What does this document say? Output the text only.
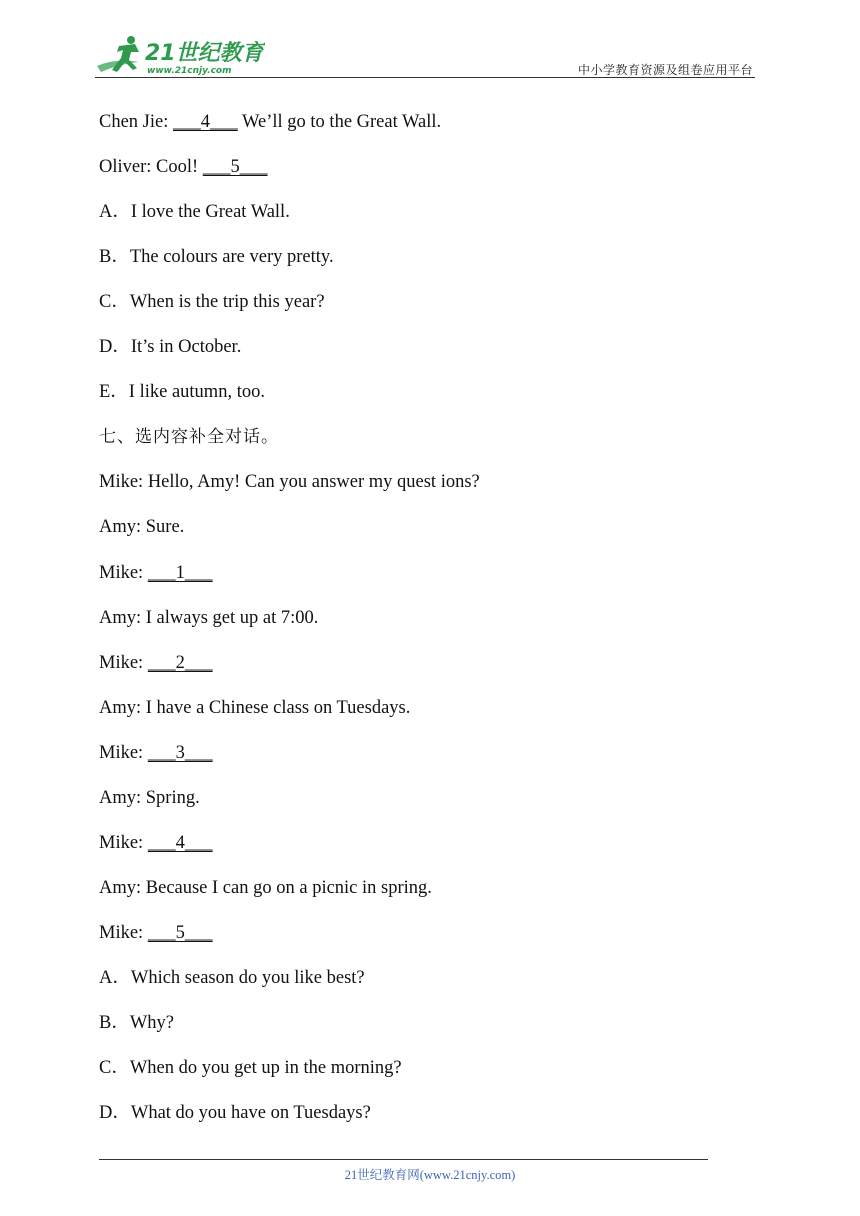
21世纪教育
www.21cnjy.com	中小学教育资源及组卷应用平台
Chen Jie: ___4___ We’ll go to the Great Wall.
Oliver: Cool! ___5___
A．I love the Great Wall.
B．The colours are very pretty.
C．When is the trip this year?
D．It’s in October.
E．I like autumn, too.
七、选内容补全对话。
Mike: Hello, Amy! Can you answer my quest ions?
Amy: Sure.
Mike: ___1___
Amy: I always get up at 7:00.
Mike: ___2___
Amy: I have a Chinese class on Tuesdays.
Mike: ___3___
Amy: Spring.
Mike: ___4___
Amy: Because I can go on a picnic in spring.
Mike: ___5___
A．Which season do you like best?
B．Why?
C．When do you get up in the morning?
D．What do you have on Tuesdays?
21世纪教育网(www.21cnjy.com)
